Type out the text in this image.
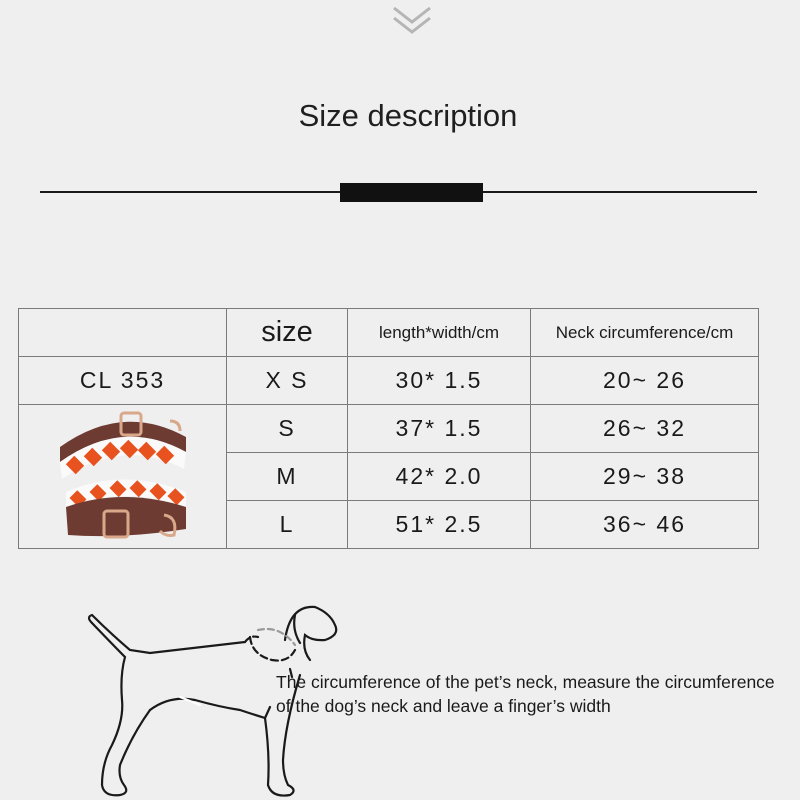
Size description
	size	length*width/cm	Neck circumference/cm
CL 353	X S	30* 1.5	20~ 26

	S	37* 1.5	26~ 32
	M	42* 2.0	29~ 38
	L	51* 2.5	36~ 46
The circumference of the pet’s neck, measure the circumference
of the dog’s neck and leave a finger’s width
